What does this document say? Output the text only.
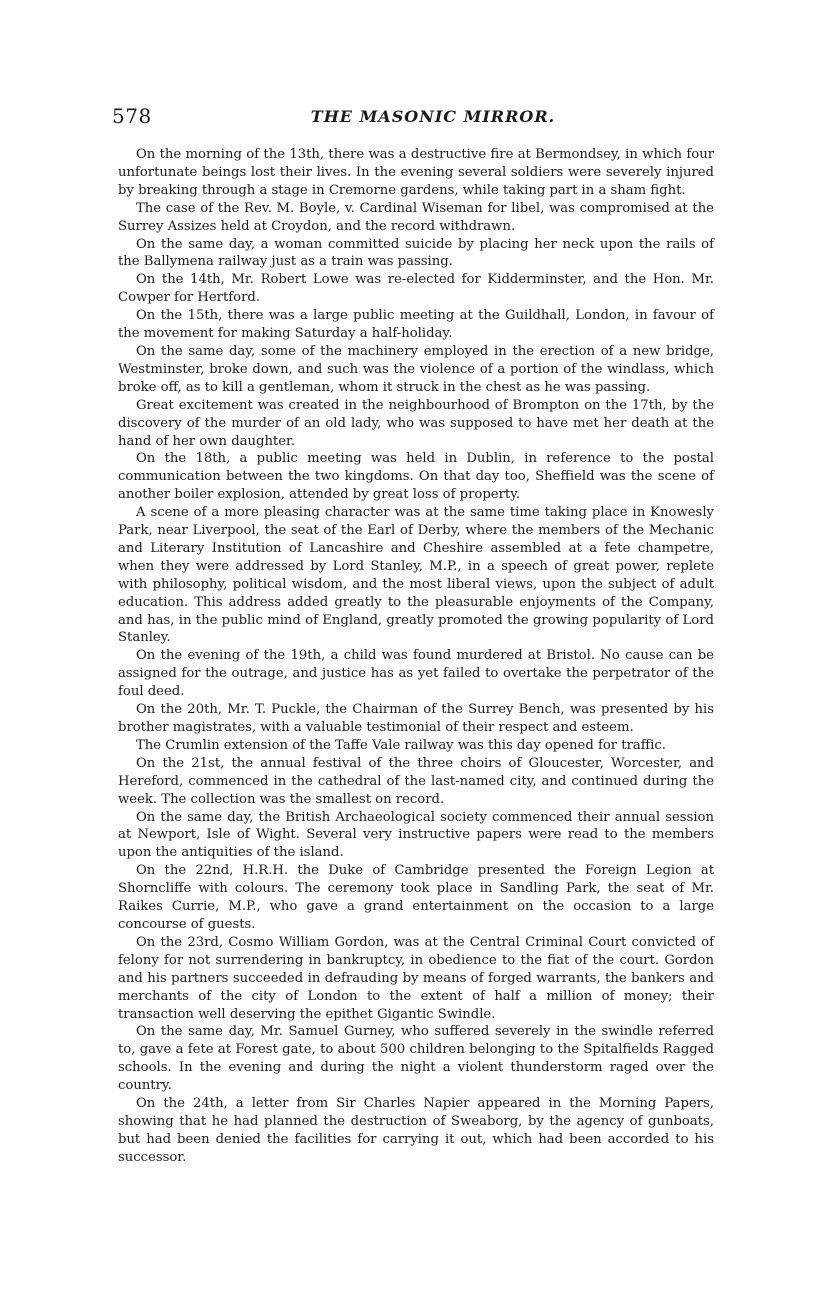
578	THE MASONIC MIRROR.

On the morning of the 13th, there was a destructive fire at Bermondsey, in which four unfortunate beings lost their lives. In the evening several soldiers were severely injured by breaking through a stage in Cremorne gardens, while taking part in a sham fight.

The case of the Rev. M. Boyle, v. Cardinal Wiseman for libel, was compromised at the Surrey Assizes held at Croydon, and the record withdrawn.

On the same day, a woman committed suicide by placing her neck upon the rails of the Ballymena railway just as a train was passing.

On the 14th, Mr. Robert Lowe was re-elected for Kidderminster, and the Hon. Mr. Cowper for Hertford.

On the 15th, there was a large public meeting at the Guildhall, London, in favour of the movement for making Saturday a half-holiday.

On the same day, some of the machinery employed in the erection of a new bridge, Westminster, broke down, and such was the violence of a portion of the windlass, which broke off, as to kill a gentleman, whom it struck in the chest as he was passing.

Great excitement was created in the neighbourhood of Brompton on the 17th, by the discovery of the murder of an old lady, who was supposed to have met her death at the hand of her own daughter.

On the 18th, a public meeting was held in Dublin, in reference to the postal communication between the two kingdoms. On that day too, Sheffield was the scene of another boiler explosion, attended by great loss of property.

A scene of a more pleasing character was at the same time taking place in Knowesly Park, near Liverpool, the seat of the Earl of Derby, where the members of the Mechanic and Literary Institution of Lancashire and Cheshire assembled at a fete champetre, when they were addressed by Lord Stanley, M.P., in a speech of great power, replete with philosophy, political wisdom, and the most liberal views, upon the subject of adult education. This address added greatly to the pleasurable enjoyments of the Company, and has, in the public mind of England, greatly promoted the growing popularity of Lord Stanley.

On the evening of the 19th, a child was found murdered at Bristol. No cause can be assigned for the outrage, and justice has as yet failed to overtake the perpetrator of the foul deed.

On the 20th, Mr. T. Puckle, the Chairman of the Surrey Bench, was presented by his brother magistrates, with a valuable testimonial of their respect and esteem.

The Crumlin extension of the Taffe Vale railway was this day opened for traffic.

On the 21st, the annual festival of the three choirs of Gloucester, Worcester, and Hereford, commenced in the cathedral of the last-named city, and continued during the week. The collection was the smallest on record.

On the same day, the British Archaeological society commenced their annual session at Newport, Isle of Wight. Several very instructive papers were read to the members upon the antiquities of the island.

On the 22nd, H.R.H. the Duke of Cambridge presented the Foreign Legion at Shorncliffe with colours. The ceremony took place in Sandling Park, the seat of Mr. Raikes Currie, M.P., who gave a grand entertainment on the occasion to a large concourse of guests.

On the 23rd, Cosmo William Gordon, was at the Central Criminal Court convicted of felony for not surrendering in bankruptcy, in obedience to the fiat of the court. Gordon and his partners succeeded in defrauding by means of forged warrants, the bankers and merchants of the city of London to the extent of half a million of money; their transaction well deserving the epithet Gigantic Swindle.

On the same day, Mr. Samuel Gurney, who suffered severely in the swindle referred to, gave a fete at Forest gate, to about 500 children belonging to the Spitalfields Ragged schools. In the evening and during the night a violent thunderstorm raged over the country.

On the 24th, a letter from Sir Charles Napier appeared in the Morning Papers, showing that he had planned the destruction of Sweaborg, by the agency of gunboats, but had been denied the facilities for carrying it out, which had been accorded to his successor.
